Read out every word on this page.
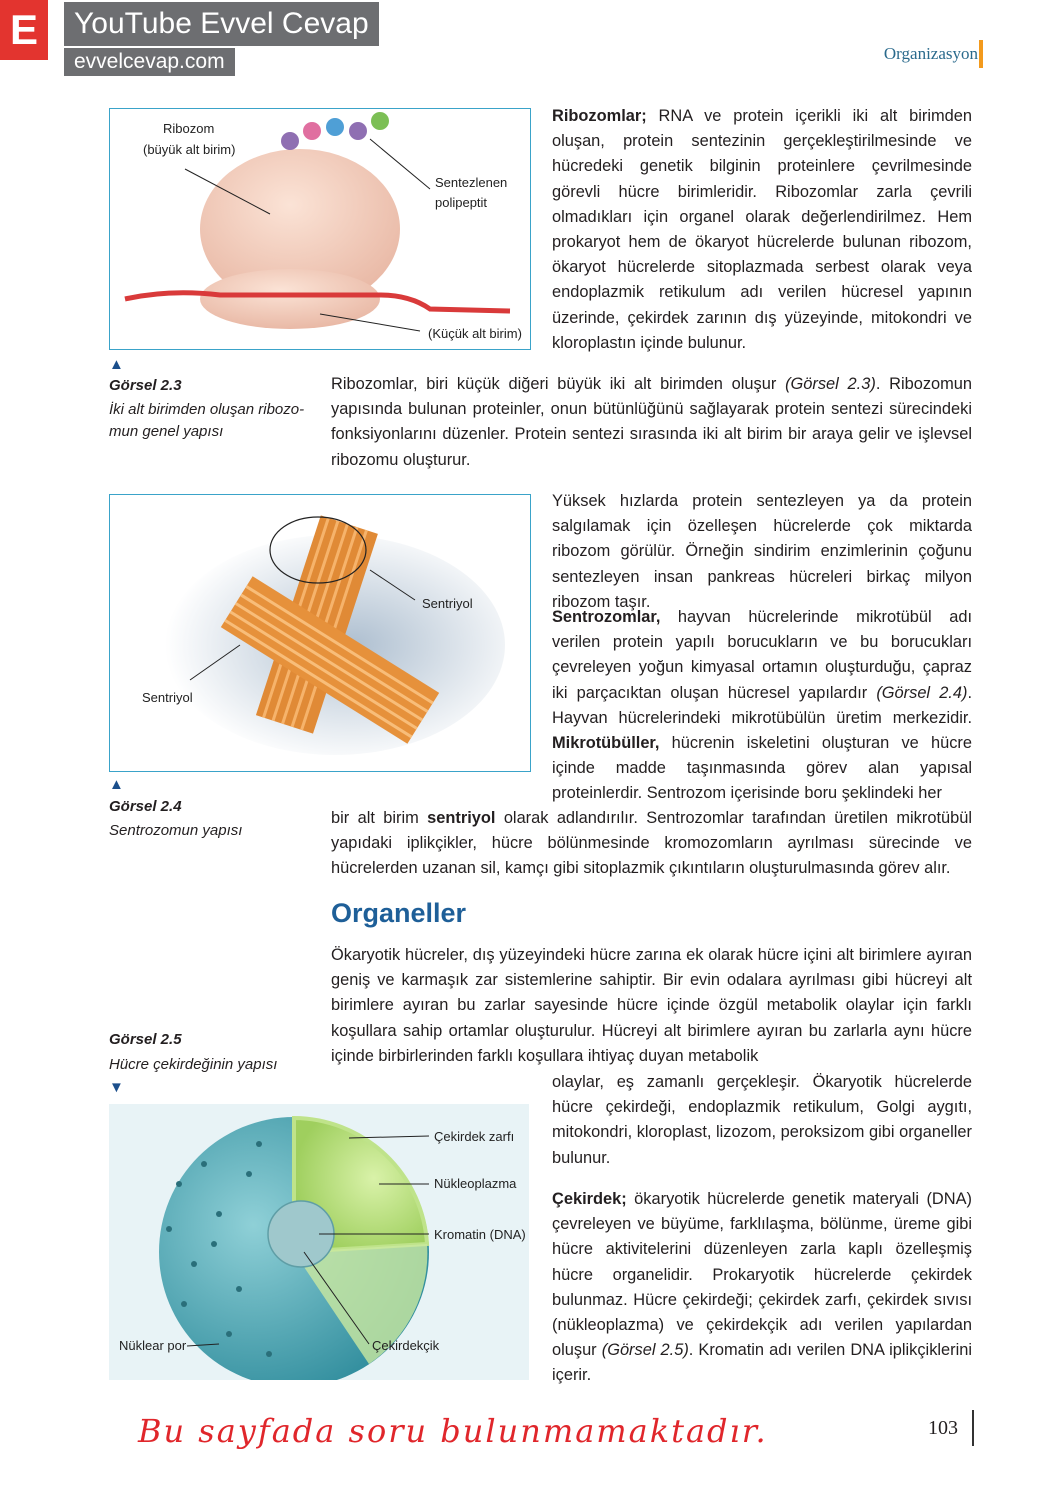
E	YouTube Evvel Cevap
evvelcevap.com	Organizasyon
Ribozom
(büyük alt birim)
Sentezlenen
polipeptit
(Küçük alt birim)
▲
Görsel 2.3
İki alt birimden oluşan ribozo-
mun genel yapısı
Ribozomlar; RNA ve protein içerikli iki alt birimden oluşan, protein sentezinin gerçekleştirilmesinde ve hücredeki genetik bilginin proteinlere çevrilmesinde görevli hücre birimleridir. Ribozomlar zarla çevrili olmadıkları için organel olarak değerlendirilmez. Hem prokaryot hem de ökaryot hücrelerde bulunan ribozom, ökaryot hücrelerde sitoplazmada serbest olarak veya endoplazmik retikulum adı verilen hücresel yapının üzerinde, çekirdek zarının dış yüzeyinde, mitokondri ve kloroplastın içinde bulunur.
Ribozomlar, biri küçük diğeri büyük iki alt birimden oluşur (Görsel 2.3). Ribozomun yapısında bulunan proteinler, onun bütünlüğünü sağlayarak protein sentezi sürecindeki fonksiyonlarını düzenler. Protein sentezi sırasında iki alt birim bir araya gelir ve işlevsel ribozomu oluşturur.
Sentriyol
Sentriyol
▲
Görsel 2.4
Sentrozomun yapısı
Yüksek hızlarda protein sentezleyen ya da protein salgılamak için özelleşen hücrelerde çok miktarda ribozom görülür. Örneğin sindirim enzimlerinin çoğunu sentezleyen insan pankreas hücreleri birkaç milyon ribozom taşır.
Sentrozomlar, hayvan hücrelerinde mikrotübül adı verilen protein yapılı borucukların ve bu borucukları çevreleyen yoğun kimyasal ortamın oluşturduğu, çapraz iki parçacıktan oluşan hücresel yapılardır (Görsel 2.4). Hayvan hücrelerindeki mikrotübülün üretim merkezidir. Mikrotübüller, hücrenin iskeletini oluşturan ve hücre içinde madde taşınmasında görev alan yapısal proteinlerdir. Sentrozom içerisinde boru şeklindeki her
bir alt birim sentriyol olarak adlandırılır. Sentrozomlar tarafından üretilen mikrotübül yapıdaki iplikçikler, hücre bölünmesinde kromozomların ayrılması sürecinde ve hücrelerden uzanan sil, kamçı gibi sitoplazmik çıkıntıların oluşturulmasında görev alır.
Organeller
Ökaryotik hücreler, dış yüzeyindeki hücre zarına ek olarak hücre içini alt birimlere ayıran geniş ve karmaşık zar sistemlerine sahiptir. Bir evin odalara ayrılması gibi hücreyi alt birimlere ayıran bu zarlar sayesinde hücre içinde özgül metabolik olaylar için farklı koşullara sahip ortamlar oluşturulur. Hücreyi alt birimlere ayıran bu zarlarla aynı hücre içinde birbirlerinden farklı koşullara ihtiyaç duyan metabolik
olaylar, eş zamanlı gerçekleşir. Ökaryotik hücrelerde hücre çekirdeği, endoplazmik retikulum, Golgi aygıtı, mitokondri, kloroplast, lizozom, peroksizom gibi organeller bulunur.
Görsel 2.5
Hücre çekirdeğinin yapısı
▼
Çekirdek zarfı
Nükleoplazma
Kromatin (DNA)
Nüklear por	Çekirdekçik
Çekirdek; ökaryotik hücrelerde genetik materyali (DNA) çevreleyen ve büyüme, farklılaşma, bölünme, üreme gibi hücre aktivitelerini düzenleyen zarla kaplı özelleşmiş hücre organelidir. Prokaryotik hücrelerde çekirdek bulunmaz. Hücre çekirdeği; çekirdek zarfı, çekirdek sıvısı (nükleoplazma) ve çekirdekçik adı verilen yapılardan oluşur (Görsel 2.5). Kromatin adı verilen DNA iplikçiklerini içerir.
Bu sayfada soru bulunmamaktadır.	103
